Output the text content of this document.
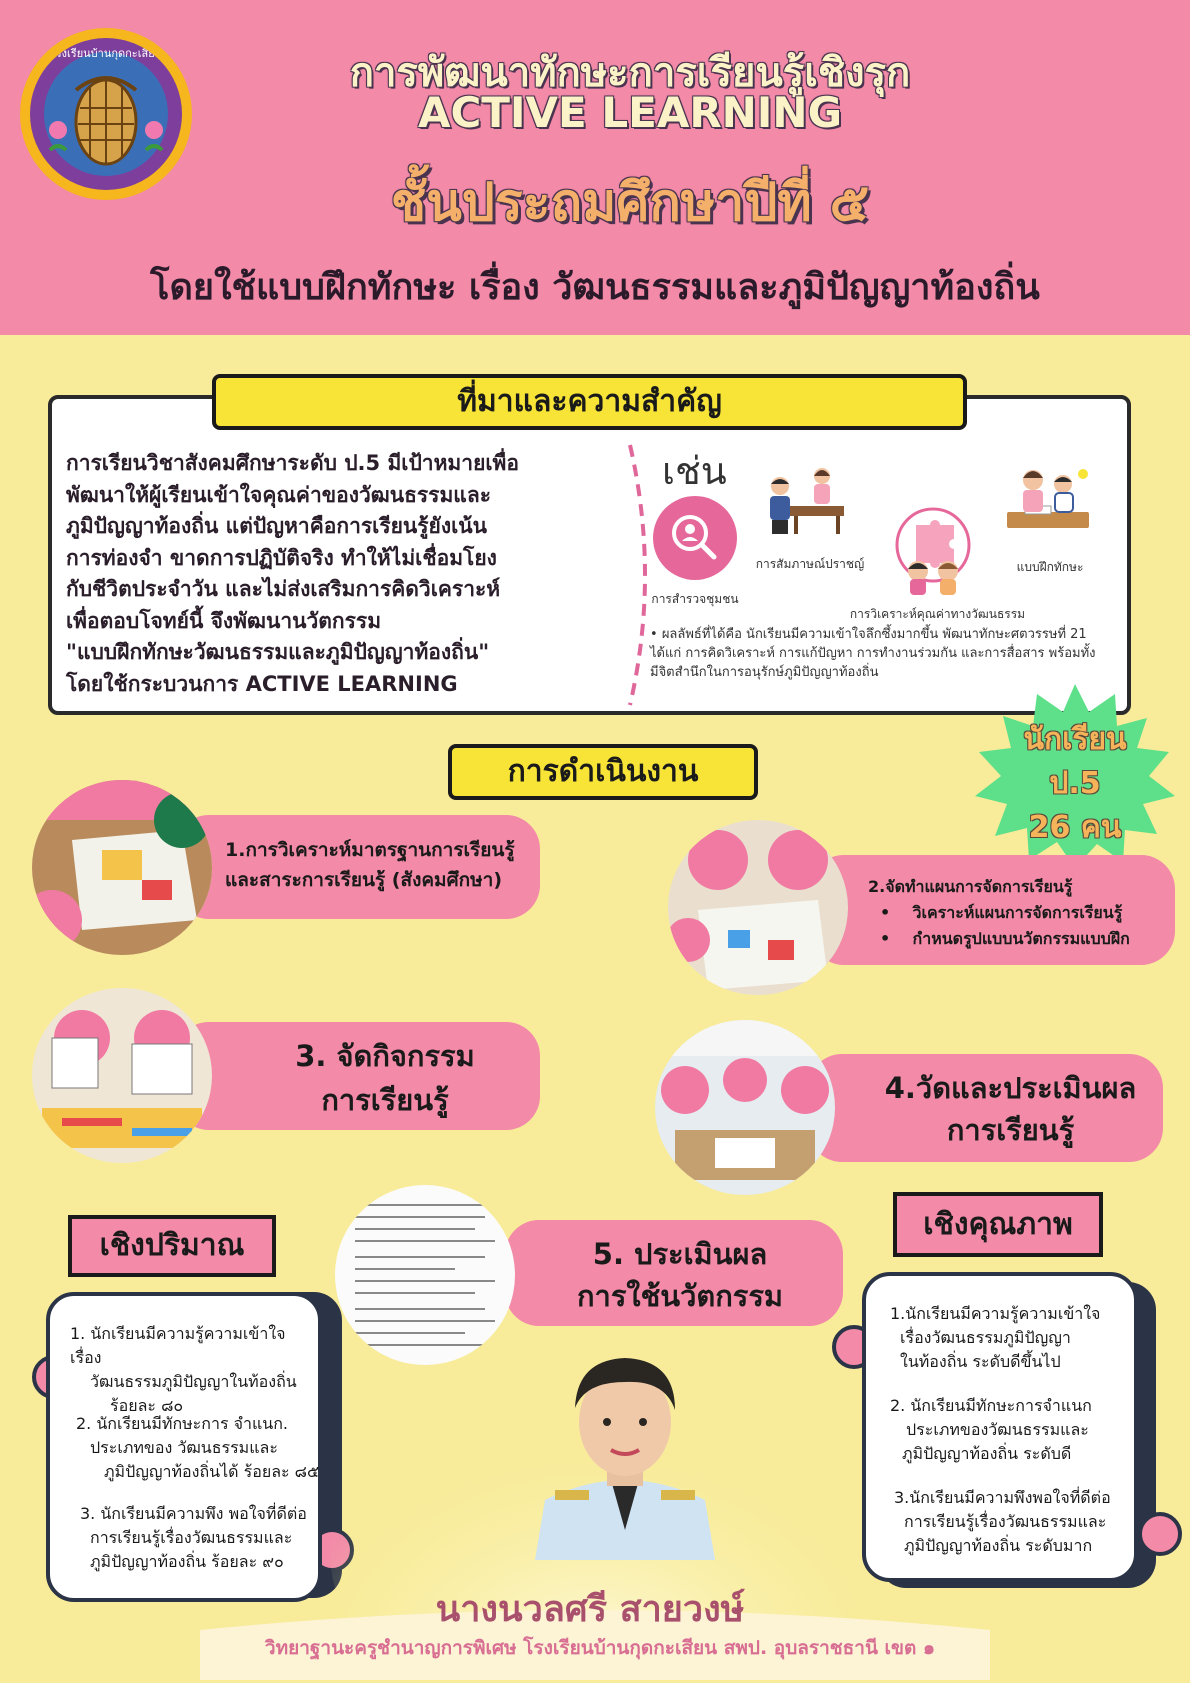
โรงเรียนบ้านกุดกะเสียน	การพัฒนาทักษะการเรียนรู้เชิงรุก
ACTIVE LEARNING
ชั้นประถมศึกษาปีที่ ๕
โดยใช้แบบฝึกทักษะ เรื่อง วัฒนธรรมและภูมิปัญญาท้องถิ่น
ที่มาและความสำคัญ
การเรียนวิชาสังคมศึกษาระดับ ป.5 มีเป้าหมายเพื่อ
พัฒนาให้ผู้เรียนเข้าใจคุณค่าของวัฒนธรรมและ
ภูมิปัญญาท้องถิ่น แต่ปัญหาคือการเรียนรู้ยังเน้น
การท่องจำ ขาดการปฏิบัติจริง ทำให้ไม่เชื่อมโยง
กับชีวิตประจำวัน และไม่ส่งเสริมการคิดวิเคราะห์
เพื่อตอบโจทย์นี้ จึงพัฒนานวัตกรรม
"แบบฝึกทักษะวัฒนธรรมและภูมิปัญญาท้องถิ่น"
โดยใช้กระบวนการ ACTIVE LEARNING
เช่น
การสำรวจชุมชน
การสัมภาษณ์ปราชญ์
การวิเคราะห์คุณค่าทางวัฒนธรรม
แบบฝึกทักษะ
• ผลลัพธ์ที่ได้คือ นักเรียนมีความเข้าใจลึกซึ้งมากขึ้น พัฒนาทักษะศตวรรษที่ 21 ได้แก่ การคิดวิเคราะห์ การแก้ปัญหา การทำงานร่วมกัน และการสื่อสาร พร้อมทั้งมีจิตสำนึกในการอนุรักษ์ภูมิปัญญาท้องถิ่น
นักเรียน
ป.5
26 คน
การดำเนินงาน
1.การวิเคราะห์มาตรฐานการเรียนรู้
และสาระการเรียนรู้ (สังคมศึกษา)	2.จัดทำแผนการจัดการเรียนรู้
•    วิเคราะห์แผนการจัดการเรียนรู้
•    กำหนดรูปแบบนวัตกรรมแบบฝึก
3. จัดกิจกรรม
การเรียนรู้	4.วัดและประเมินผล
การเรียนรู้
5. ประเมินผล
การใช้นวัตกรรม
เชิงปริมาณ
1. นักเรียนมีความรู้ความเข้าใจ เรื่อง
วัฒนธรรมภูมิปัญญาในท้องถิ่น
ร้อยละ ๘๐
2. นักเรียนมีทักษะการ จำแนก.
ประเภทของ วัฒนธรรมและ
ภูมิปัญญาท้องถิ่นได้ ร้อยละ ๘๕
3. นักเรียนมีความพึง พอใจที่ดีต่อ
การเรียนรู้เรื่องวัฒนธรรมและ
ภูมิปัญญาท้องถิ่น ร้อยละ ๙๐
เชิงคุณภาพ
1.นักเรียนมีความรู้ความเข้าใจ
เรื่องวัฒนธรรมภูมิปัญญา
ในท้องถิ่น ระดับดีขึ้นไป
2. นักเรียนมีทักษะการจำแนก
ประเภทของวัฒนธรรมและ
ภูมิปัญญาท้องถิ่น ระดับดี
3.นักเรียนมีความพึงพอใจที่ดีต่อ
การเรียนรู้เรื่องวัฒนธรรมและ
ภูมิปัญญาท้องถิ่น ระดับมาก
นางนวลศรี สายวงษ์
วิทยาฐานะครูชำนาญการพิเศษ โรงเรียนบ้านกุดกะเสียน สพป. อุบลราชธานี เขต ๑
